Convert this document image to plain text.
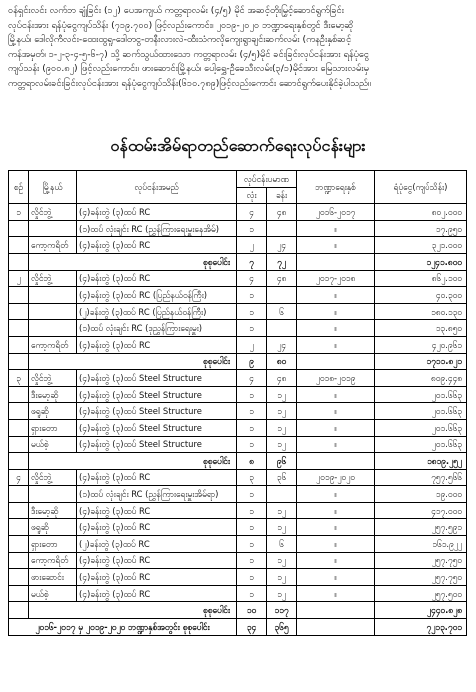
ဝန်ရှင်းလင်း လက်ဘ ချုံခြင်း (၁၂) ပေအကျယ် ကတ္တရာလမ်း (၄/၅) မိုင် အဆင့်တိုးမြှင့်ဆောင်ရွက်ခြင်း

လုပ်ငန်းအား ရန်ပုံငွေကျပ်သိန်း (၇၁၉.၇၀၀) ဖြင့်လည်းကောင်း၊ ၂၀၁၉-၂၀၂၀ ဘဏ္ဍာရေးနှစ်တွင် ဒီးမော့ဆို

မြို့နယ်၊ ဒေါလိုကီလင်း-ထေးထွရူ-ဒေါတငွ-တနီးလားလဲ-ထီးသံကလိုကျေးရွာချင်းဆက်လမ်း (ကနဦးနှစ်ဆင့်

ကန်အမှတ်၊ ၁-၂-၃-၄-၅-၆-၇) သို့ ဆက်သွယ်ထားသော ကတ္တရာလမ်း (၄/၅)မိုင် ခင်းခြင်းလုပ်ငန်းအား ရန်ပုံငွေ

ကျပ်သန်း (၉၀၀.၈၂) ဖြင့်လည်းကောင်း၊ ဖားဆောင်းမြို့နယ်၊ ပေါ့ရွှေ-ဦခေသီးလမ်း(၃/၁)မိုင်အား မြေသားလမ်းမှ

ကတ္တရာလမ်းခင်းခြင်းလုပ်ငန်းအား ရန်ပုံငွေကျပ်သိန်း(၆၁၀.၇၈၉)ဖြင့်လည်းကောင်း ဆောင်ရွက်ပေးနိုင်ခဲ့ပါသည်။

ဝန်ထမ်းအိမ်ရာတည်ဆောက်ရေးလုပ်ငန်းများ
စဉ်	မြို့နယ်	လုပ်ငန်းအမည်	လုပ်ငန်းပမာဏ		ဘဏ္ဍာရေးနှစ်	ရံပုံငွေ(ကျပ်သိန်း)
			လုံး	ခန်း		
၁	လှိုင်ဘွဲ့	(၄)ခန်းတွဲ (၃)ထပ် RC	၄	၄၈	၂၀၁၆-၂၀၁၇	၈၀၂.၀၀၀
		(၁)ထပ် လုံးချင်း RC (ညွှန်ကြားရေးမှူးနေအိမ်)	၁		။	၁၇.၉၅၀
	ကော့ကရိတ်	(၄)ခန်းတွဲ (၃)ထပ် RC	၂	၂၄	။	၃၂၁.၀၀၀
	စုစုပေါင်း		၇	၇၂		၁၂၄၁.၈၀၀
၂	လှိုင်ဘွဲ့	(၄)ခန်းတွဲ (၃)ထပ် RC	၄	၄၈	၂၀၁၇-၂၀၁၈	၈၆၂.၁၀၀
		(၄)ခန်းတွဲ (၃)ထပ် RC (ပြည်နယ်ဝန်ကြီး)	၁		။	၄၀.၃၀၀
		(၂)ခန်းတွဲ (၃)ထပ် RC (ပြည်နယ်ဝန်ကြီး)	၁	၆	။	၁၈၀.၁၃၀
		(၁)ထပ် လုံးချင်း RC (ဒုညွှန်ကြားရေးမှူး)	၁		။	၁၃.၈၅၀
	ကော့ကရိတ်	(၄)ခန်းတွဲ (၃)ထပ် RC	၂	၂၄	။	၄၂၀.၉၆၁
	စုစုပေါင်း		၉	၈၀		၁၇၁၁.၈၂၁
၃	လှိုင်ဘွဲ့	(၄)ခန်းတွဲ (၃)ထပ် Steel Structure	၄	၄၈	၂၀၁၈-၂၀၁၉	၈၀၉.၄၄၈
	ဒီးမော့ဆို	(၄)ခန်းတွဲ (၃)ထပ် Steel Structure	၁	၁၂	။	၂၀၁.၆၆၃
	ဖရူဆို	(၄)ခန်းတွဲ (၃)ထပ် Steel Structure	၁	၁၂	။	၂၀၁.၆၆၃
	ရှားတော	(၄)ခန်းတွဲ (၃)ထပ် Steel Structure	၁	၁၂	။	၂၀၁.၆၆၃
	မယ်စဲ့	(၄)ခန်းတွဲ (၃)ထပ် Steel Structure	၁	၁၂	။	၂၀၁.၆၆၃
	စုစုပေါင်း		၈	၉၆		၁၈၁၉.၂၅၂
၄	လှိုင်ဘွဲ့	(၄)ခန်းတွဲ (၃)ထပ် RC	၃	၃၆	၂၀၁၉-၂၀၂၀	၇၅၇.၅၆၆
		(၁)ထပ် လုံးချင်း RC (ညွှန်ကြားရေးမှူးအိမ်ရာ)	၁		။	၁၉.၀၀၀
	ဒီးမော့ဆို	(၄)ခန်းတွဲ (၃)ထပ် RC	၁	၁၂	။	၄၁၇.၀၀၀
	ဖရူဆို	(၄)ခန်းတွဲ (၃)ထပ် RC	၁	၁၂	။	၂၅၇.၅၉၁
	ရှားတော	(၂)ခန်းတွဲ (၃)ထပ် RC	၁	၆	။	၁၆၁.၉၂၂
	ကော့ကရိတ်	(၄)ခန်းတွဲ (၃)ထပ် RC	၁	၁၂	။	၂၅၇.၇၅၀
	ဖားဆောင်း	(၄)ခန်းတွဲ (၃)ထပ် RC	၁	၁၂	။	၂၅၇.၇၅၀
	မယ်စဲ့	(၄)ခန်းတွဲ (၃)ထပ် RC	၁	၁၂	။	၂၅၇.၅၀၀
	စုစုပေါင်း		၁၀	၁၁၇		၂၄၄၀.၈၂၈
၂၀၁၆-၂၀၁၇ မှ ၂၀၁၉-၂၀၂၀ ဘဏ္ဍာနှစ်အတွင်း စုစုပေါင်း			၃၄	၃၆၅		၇၂၁၃.၇၀၁
